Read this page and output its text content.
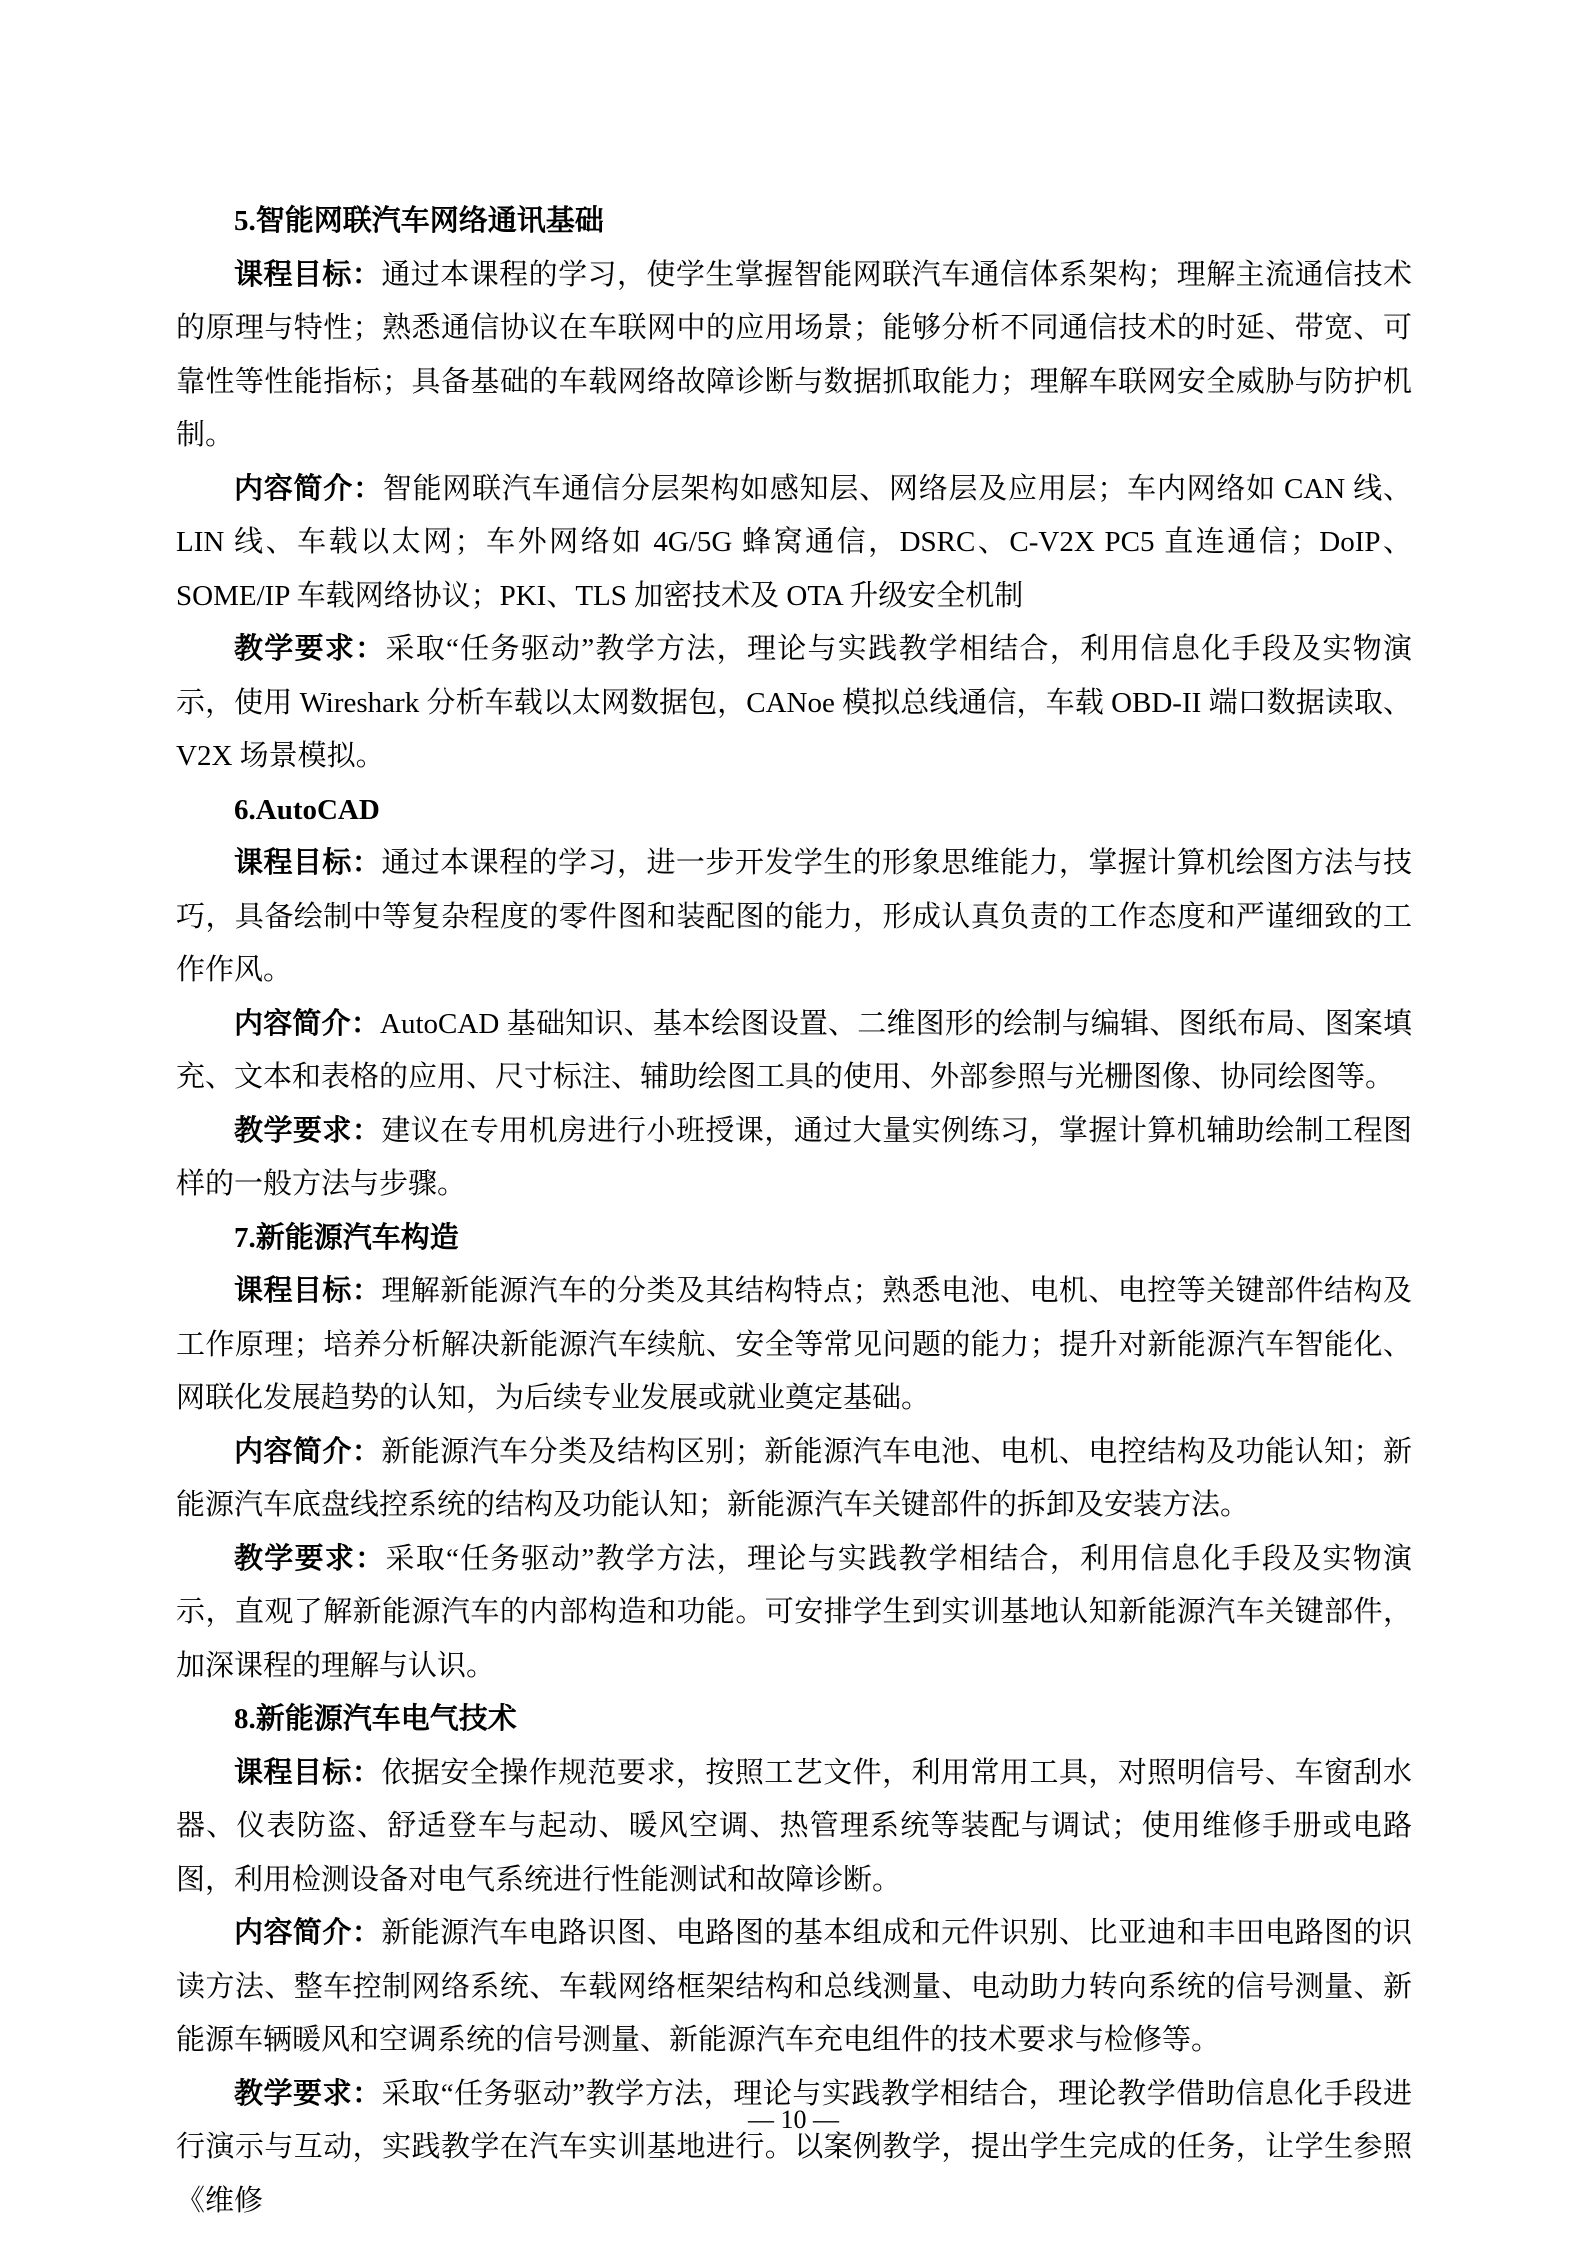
5.智能网联汽车网络通讯基础

课程目标：通过本课程的学习，使学生掌握智能网联汽车通信体系架构；理解主流通信技术的原理与特性；熟悉通信协议在车联网中的应用场景；能够分析不同通信技术的时延、带宽、可靠性等性能指标；具备基础的车载网络故障诊断与数据抓取能力；理解车联网安全威胁与防护机制。

内容简介：智能网联汽车通信分层架构如感知层、网络层及应用层；车内网络如 CAN 线、LIN 线、车载以太网；车外网络如 4G/5G 蜂窝通信，DSRC、C-V2X PC5 直连通信；DoIP、SOME/IP 车载网络协议；PKI、TLS 加密技术及 OTA 升级安全机制

教学要求：采取“任务驱动”教学方法，理论与实践教学相结合，利用信息化手段及实物演示，使用 Wireshark 分析车载以太网数据包，CANoe 模拟总线通信，车载 OBD-II 端口数据读取、V2X 场景模拟。

6.AutoCAD

课程目标：通过本课程的学习，进一步开发学生的形象思维能力，掌握计算机绘图方法与技巧，具备绘制中等复杂程度的零件图和装配图的能力，形成认真负责的工作态度和严谨细致的工作作风。

内容简介：AutoCAD 基础知识、基本绘图设置、二维图形的绘制与编辑、图纸布局、图案填充、文本和表格的应用、尺寸标注、辅助绘图工具的使用、外部参照与光栅图像、协同绘图等。

教学要求：建议在专用机房进行小班授课，通过大量实例练习，掌握计算机辅助绘制工程图样的一般方法与步骤。

7.新能源汽车构造

课程目标：理解新能源汽车的分类及其结构特点；熟悉电池、电机、电控等关键部件结构及工作原理；培养分析解决新能源汽车续航、安全等常见问题的能力；提升对新能源汽车智能化、网联化发展趋势的认知，为后续专业发展或就业奠定基础。

内容简介：新能源汽车分类及结构区别；新能源汽车电池、电机、电控结构及功能认知；新能源汽车底盘线控系统的结构及功能认知；新能源汽车关键部件的拆卸及安装方法。

教学要求：采取“任务驱动”教学方法，理论与实践教学相结合，利用信息化手段及实物演示，直观了解新能源汽车的内部构造和功能。可安排学生到实训基地认知新能源汽车关键部件，加深课程的理解与认识。

8.新能源汽车电气技术

课程目标：依据安全操作规范要求，按照工艺文件，利用常用工具，对照明信号、车窗刮水器、仪表防盗、舒适登车与起动、暖风空调、热管理系统等装配与调试；使用维修手册或电路图，利用检测设备对电气系统进行性能测试和故障诊断。

内容简介：新能源汽车电路识图、电路图的基本组成和元件识别、比亚迪和丰田电路图的识读方法、整车控制网络系统、车载网络框架结构和总线测量、电动助力转向系统的信号测量、新能源车辆暖风和空调系统的信号测量、新能源汽车充电组件的技术要求与检修等。

教学要求：采取“任务驱动”教学方法，理论与实践教学相结合，理论教学借助信息化手段进行演示与互动，实践教学在汽车实训基地进行。以案例教学，提出学生完成的任务，让学生参照《维修

— 10 —
